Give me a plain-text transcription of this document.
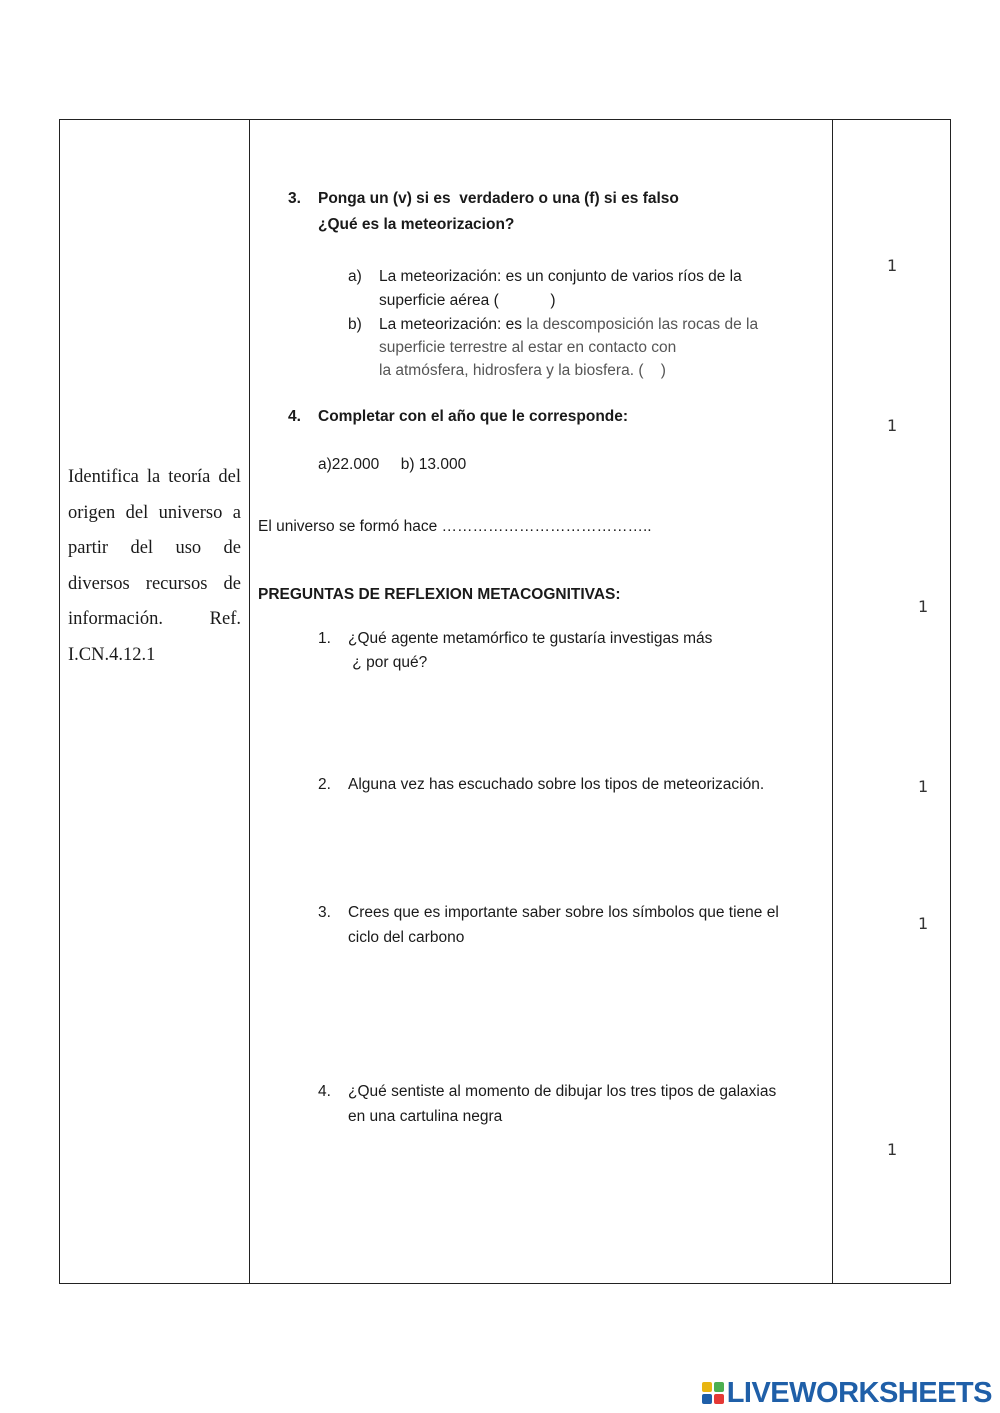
Identifica la teoría del origen del universo a partir del uso de diversos recursos de información. Ref. I.CN.4.12.1
3. Ponga un (v) si es  verdadero o una (f) si es falso
¿Qué es la meteorizacion?
a) La meteorización: es un conjunto de varios ríos de la
superficie aérea (            )
b) La meteorización: es la descomposición las rocas de la
superficie terrestre al estar en contacto con
la atmósfera, hidrosfera y la biosfera. (    )
4. Completar con el año que le corresponde:
a)22.000     b) 13.000
El universo se formó hace …………………………………..
PREGUNTAS DE REFLEXION METACOGNITIVAS:
1. ¿Qué agente metamórfico te gustaría investigas más
¿ por qué?
2. Alguna vez has escuchado sobre los tipos de meteorización.
3. Crees que es importante saber sobre los símbolos que tiene el
ciclo del carbono
4. ¿Qué sentiste al momento de dibujar los tres tipos de galaxias
en una cartulina negra
1
1
1
1
1
1
LIVEWORKSHEETS
